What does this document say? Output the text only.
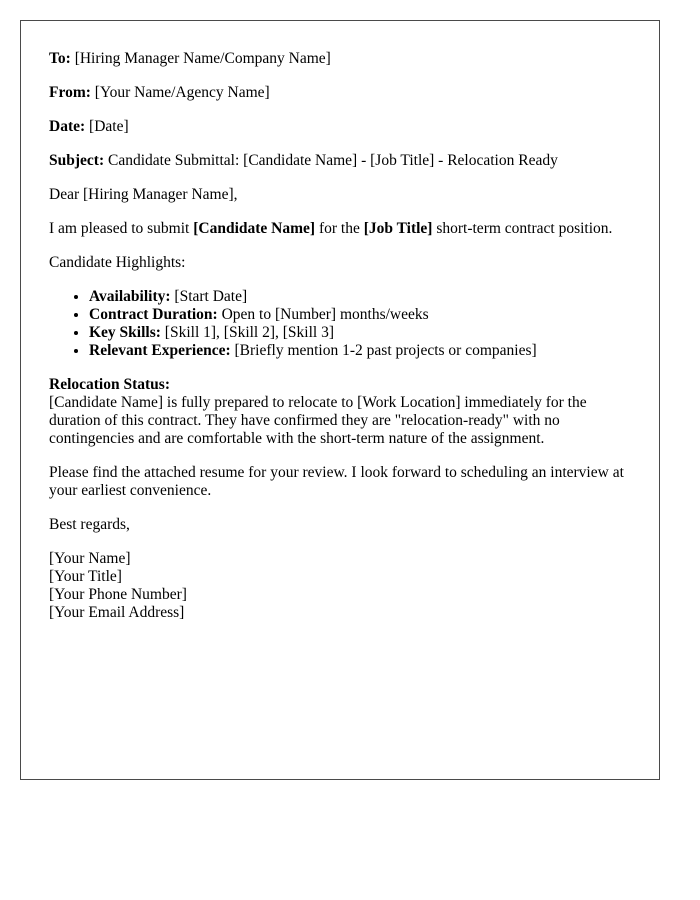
To: [Hiring Manager Name/Company Name]

From: [Your Name/Agency Name]

Date: [Date]

Subject: Candidate Submittal: [Candidate Name] - [Job Title] - Relocation Ready

Dear [Hiring Manager Name],

I am pleased to submit [Candidate Name] for the [Job Title] short-term contract position.

Candidate Highlights:

• Availability: [Start Date]
• Contract Duration: Open to [Number] months/weeks
• Key Skills: [Skill 1], [Skill 2], [Skill 3]
• Relevant Experience: [Briefly mention 1-2 past projects or companies]

Relocation Status:
[Candidate Name] is fully prepared to relocate to [Work Location] immediately for the duration of this contract. They have confirmed they are "relocation-ready" with no contingencies and are comfortable with the short-term nature of the assignment.

Please find the attached resume for your review. I look forward to scheduling an interview at your earliest convenience.

Best regards,

[Your Name]
[Your Title]
[Your Phone Number]
[Your Email Address]
